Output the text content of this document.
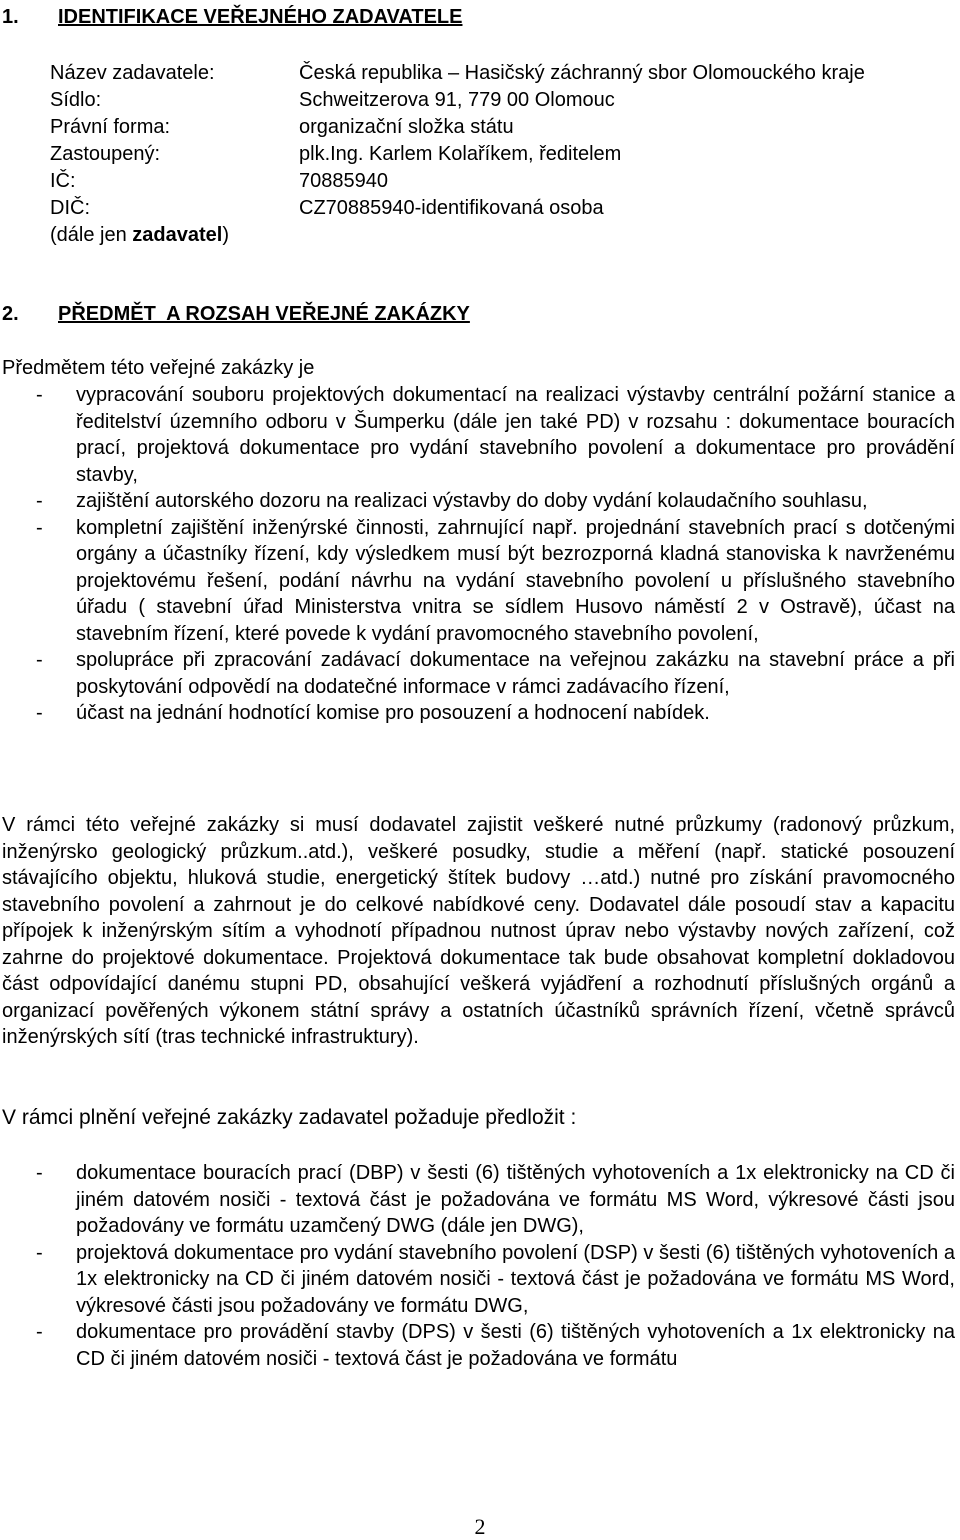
1. IDENTIFIKACE VEŘEJNÉHO ZADAVATELE
Název zadavatele:	Česká republika – Hasičský záchranný sbor Olomouckého kraje
Sídlo:	Schweitzerova 91, 779 00 Olomouc
Právní forma:	organizační složka státu
Zastoupený:	plk.Ing. Karlem Kolaříkem, ředitelem
IČ:	70885940
DIČ:	CZ70885940-identifikovaná osoba
(dále jen zadavatel)
2. PŘEDMĚT  A ROZSAH VEŘEJNÉ ZAKÁZKY
Předmětem této veřejné zakázky je
- vypracování souboru projektových dokumentací na realizaci výstavby centrální požární stanice a ředitelství územního odboru v Šumperku (dále jen také PD) v rozsahu : dokumentace bouracích prací, projektová dokumentace pro vydání stavebního povolení a dokumentace pro provádění stavby,
- zajištění autorského dozoru na realizaci výstavby do doby vydání kolaudačního souhlasu,
- kompletní zajištění inženýrské činnosti, zahrnující např. projednání stavebních prací s dotčenými orgány a účastníky řízení, kdy výsledkem musí být bezrozporná kladná stanoviska k navrženému projektovému řešení, podání návrhu na vydání stavebního povolení u příslušného stavebního úřadu ( stavební úřad Ministerstva vnitra se sídlem Husovo náměstí 2 v Ostravě), účast na stavebním řízení, které povede k vydání pravomocného stavebního povolení,
- spolupráce při zpracování zadávací dokumentace na veřejnou zakázku na stavební práce a při poskytování odpovědí na dodatečné informace v rámci zadávacího řízení,
- účast na jednání hodnotící komise pro posouzení a hodnocení nabídek.
V rámci této veřejné zakázky si musí dodavatel zajistit veškeré nutné průzkumy (radonový průzkum, inženýrsko geologický průzkum..atd.), veškeré posudky, studie a měření (např. statické posouzení stávajícího objektu, hluková studie, energetický štítek budovy …atd.) nutné pro získání pravomocného stavebního povolení a zahrnout je do celkové nabídkové ceny. Dodavatel dále posoudí stav a kapacitu přípojek k inženýrským sítím a vyhodnotí případnou nutnost úprav nebo výstavby nových zařízení, což zahrne do projektové dokumentace. Projektová dokumentace tak bude obsahovat kompletní dokladovou část odpovídající danému stupni PD, obsahující veškerá vyjádření a rozhodnutí příslušných orgánů a organizací pověřených výkonem státní správy a ostatních účastníků správních řízení, včetně správců inženýrských sítí (tras technické infrastruktury).
V rámci plnění veřejné zakázky zadavatel požaduje předložit :
- dokumentace bouracích prací (DBP) v šesti (6) tištěných vyhotoveních a 1x elektronicky na CD či jiném datovém nosiči - textová část je požadována ve formátu MS Word, výkresové části jsou požadovány ve formátu uzamčený DWG (dále jen DWG),
- projektová dokumentace pro vydání stavebního povolení (DSP) v šesti (6) tištěných vyhotoveních a 1x elektronicky na CD či jiném datovém nosiči - textová část je požadována ve formátu MS Word, výkresové části jsou požadovány ve formátu DWG,
- dokumentace pro provádění stavby (DPS) v šesti (6) tištěných vyhotoveních a 1x elektronicky na CD či jiném datovém nosiči - textová část je požadována ve formátu
2
